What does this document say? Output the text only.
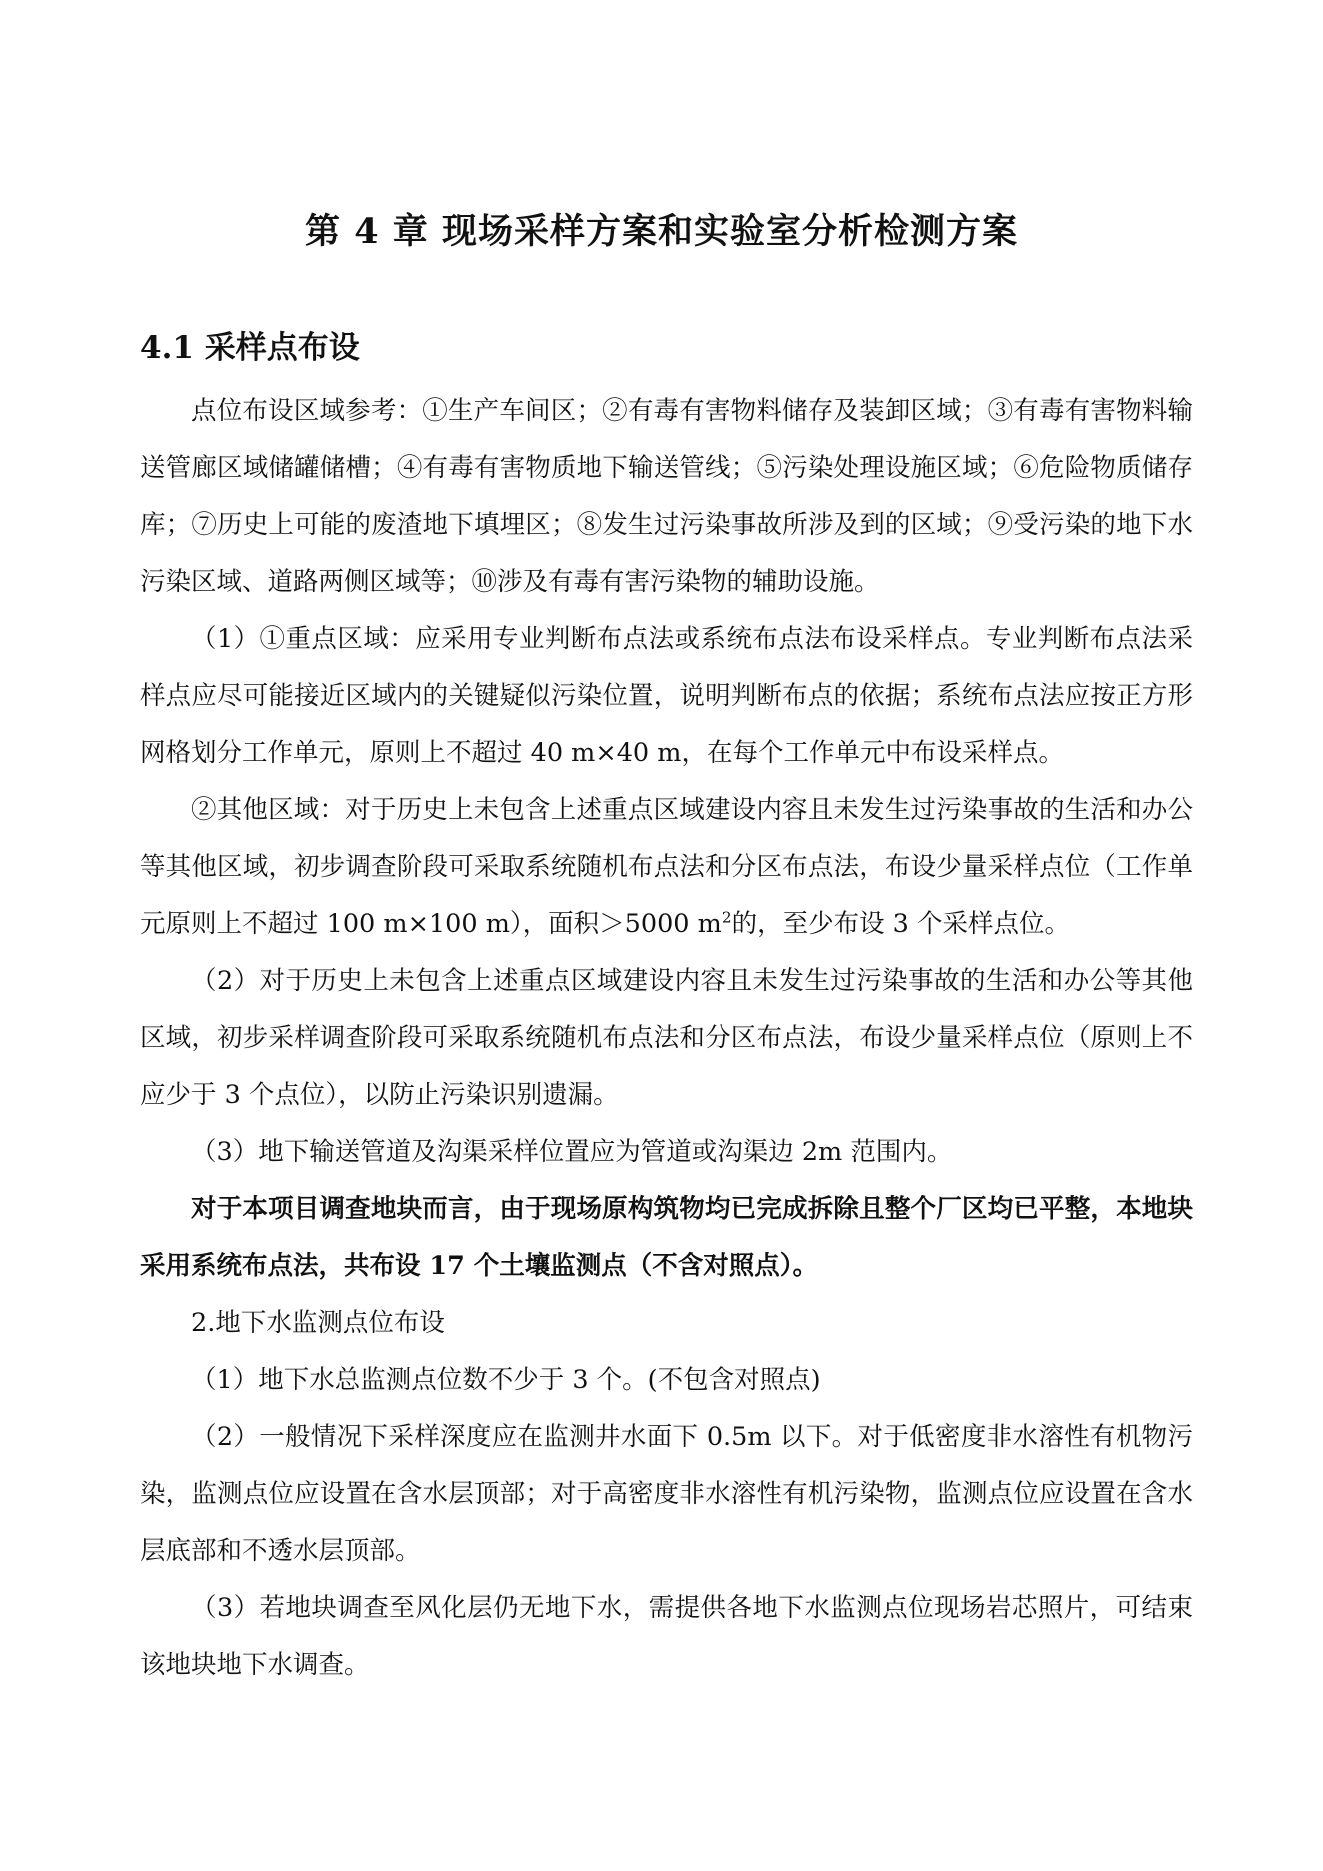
第 4 章 现场采样方案和实验室分析检测方案
4.1 采样点布设

点位布设区域参考：①生产车间区；②有毒有害物料储存及装卸区域；③有毒有害物料输送管廊区域储罐储槽；④有毒有害物质地下输送管线；⑤污染处理设施区域；⑥危险物质储存库；⑦历史上可能的废渣地下填埋区；⑧发生过污染事故所涉及到的区域；⑨受污染的地下水污染区域、道路两侧区域等；⑩涉及有毒有害污染物的辅助设施。

（1）①重点区域：应采用专业判断布点法或系统布点法布设采样点。专业判断布点法采样点应尽可能接近区域内的关键疑似污染位置，说明判断布点的依据；系统布点法应按正方形网格划分工作单元，原则上不超过 40 m×40 m，在每个工作单元中布设采样点。

②其他区域：对于历史上未包含上述重点区域建设内容且未发生过污染事故的生活和办公等其他区域，初步调查阶段可采取系统随机布点法和分区布点法，布设少量采样点位（工作单元原则上不超过 100 m×100 m），面积＞5000 $m^2$的，至少布设 3 个采样点位。

（2）对于历史上未包含上述重点区域建设内容且未发生过污染事故的生活和办公等其他区域，初步采样调查阶段可采取系统随机布点法和分区布点法，布设少量采样点位（原则上不应少于 3 个点位），以防止污染识别遗漏。

（3）地下输送管道及沟渠采样位置应为管道或沟渠边 2m 范围内。

对于本项目调查地块而言，由于现场原构筑物均已完成拆除且整个厂区均已平整，本地块采用系统布点法，共布设 17 个土壤监测点（不含对照点）。

2.地下水监测点位布设

（1）地下水总监测点位数不少于 3 个。(不包含对照点)

（2）一般情况下采样深度应在监测井水面下 0.5m 以下。对于低密度非水溶性有机物污染，监测点位应设置在含水层顶部；对于高密度非水溶性有机污染物，监测点位应设置在含水层底部和不透水层顶部。

（3）若地块调查至风化层仍无地下水，需提供各地下水监测点位现场岩芯照片，可结束该地块地下水调查。
